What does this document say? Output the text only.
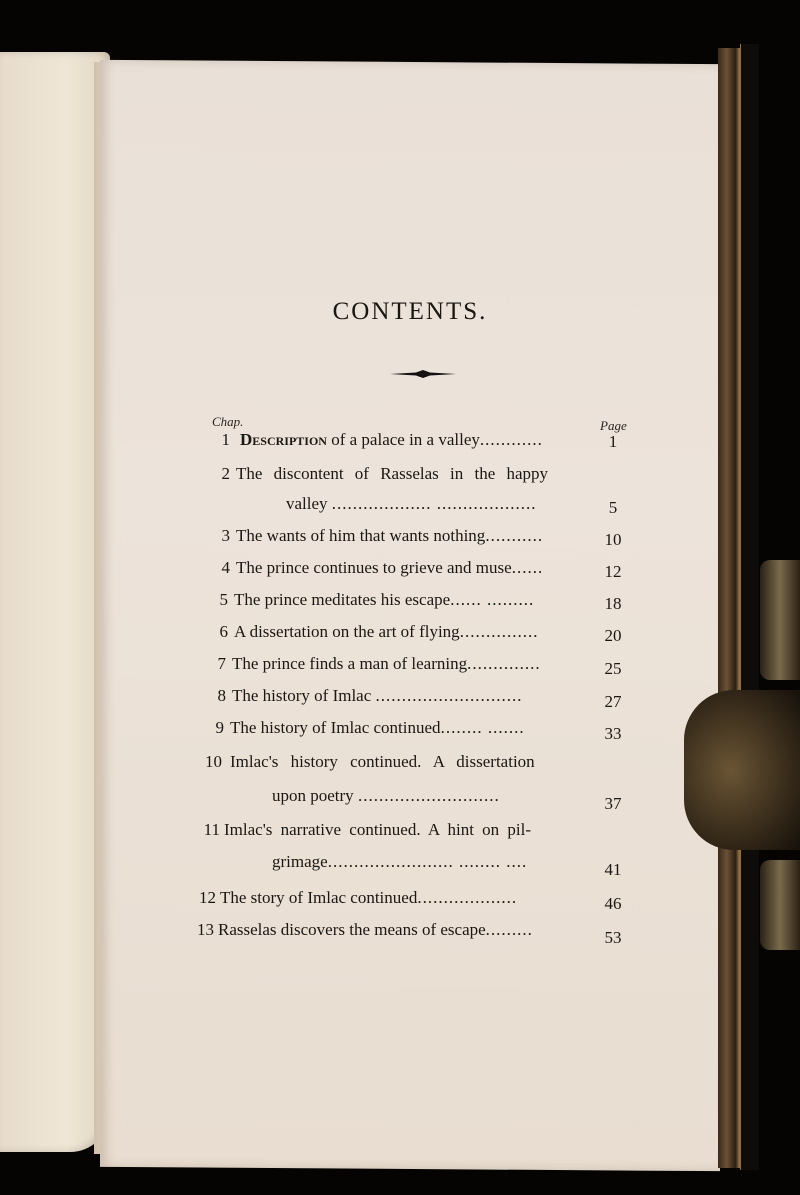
CONTENTS.
Chap.	Page
1 Description of a palace in a valley............	1
2 The discontent of Rasselas in the happy
valley ................... ...................	5
3 The wants of him that wants nothing...........	10
4 The prince continues to grieve and muse......	12
5 The prince meditates his escape...... .........	18
6 A dissertation on the art of flying...............	20
7 The prince finds a man of learning..............	25
8 The history of Imlac ............................	27
9 The history of Imlac continued........ .......	33
10 Imlac's history continued. A dissertation
upon poetry ...........................	37
11 Imlac's narrative continued. A hint on pil-
grimage........................ ........ ....	41
12 The story of Imlac continued...................	46
13 Rasselas discovers the means of escape.........	53
